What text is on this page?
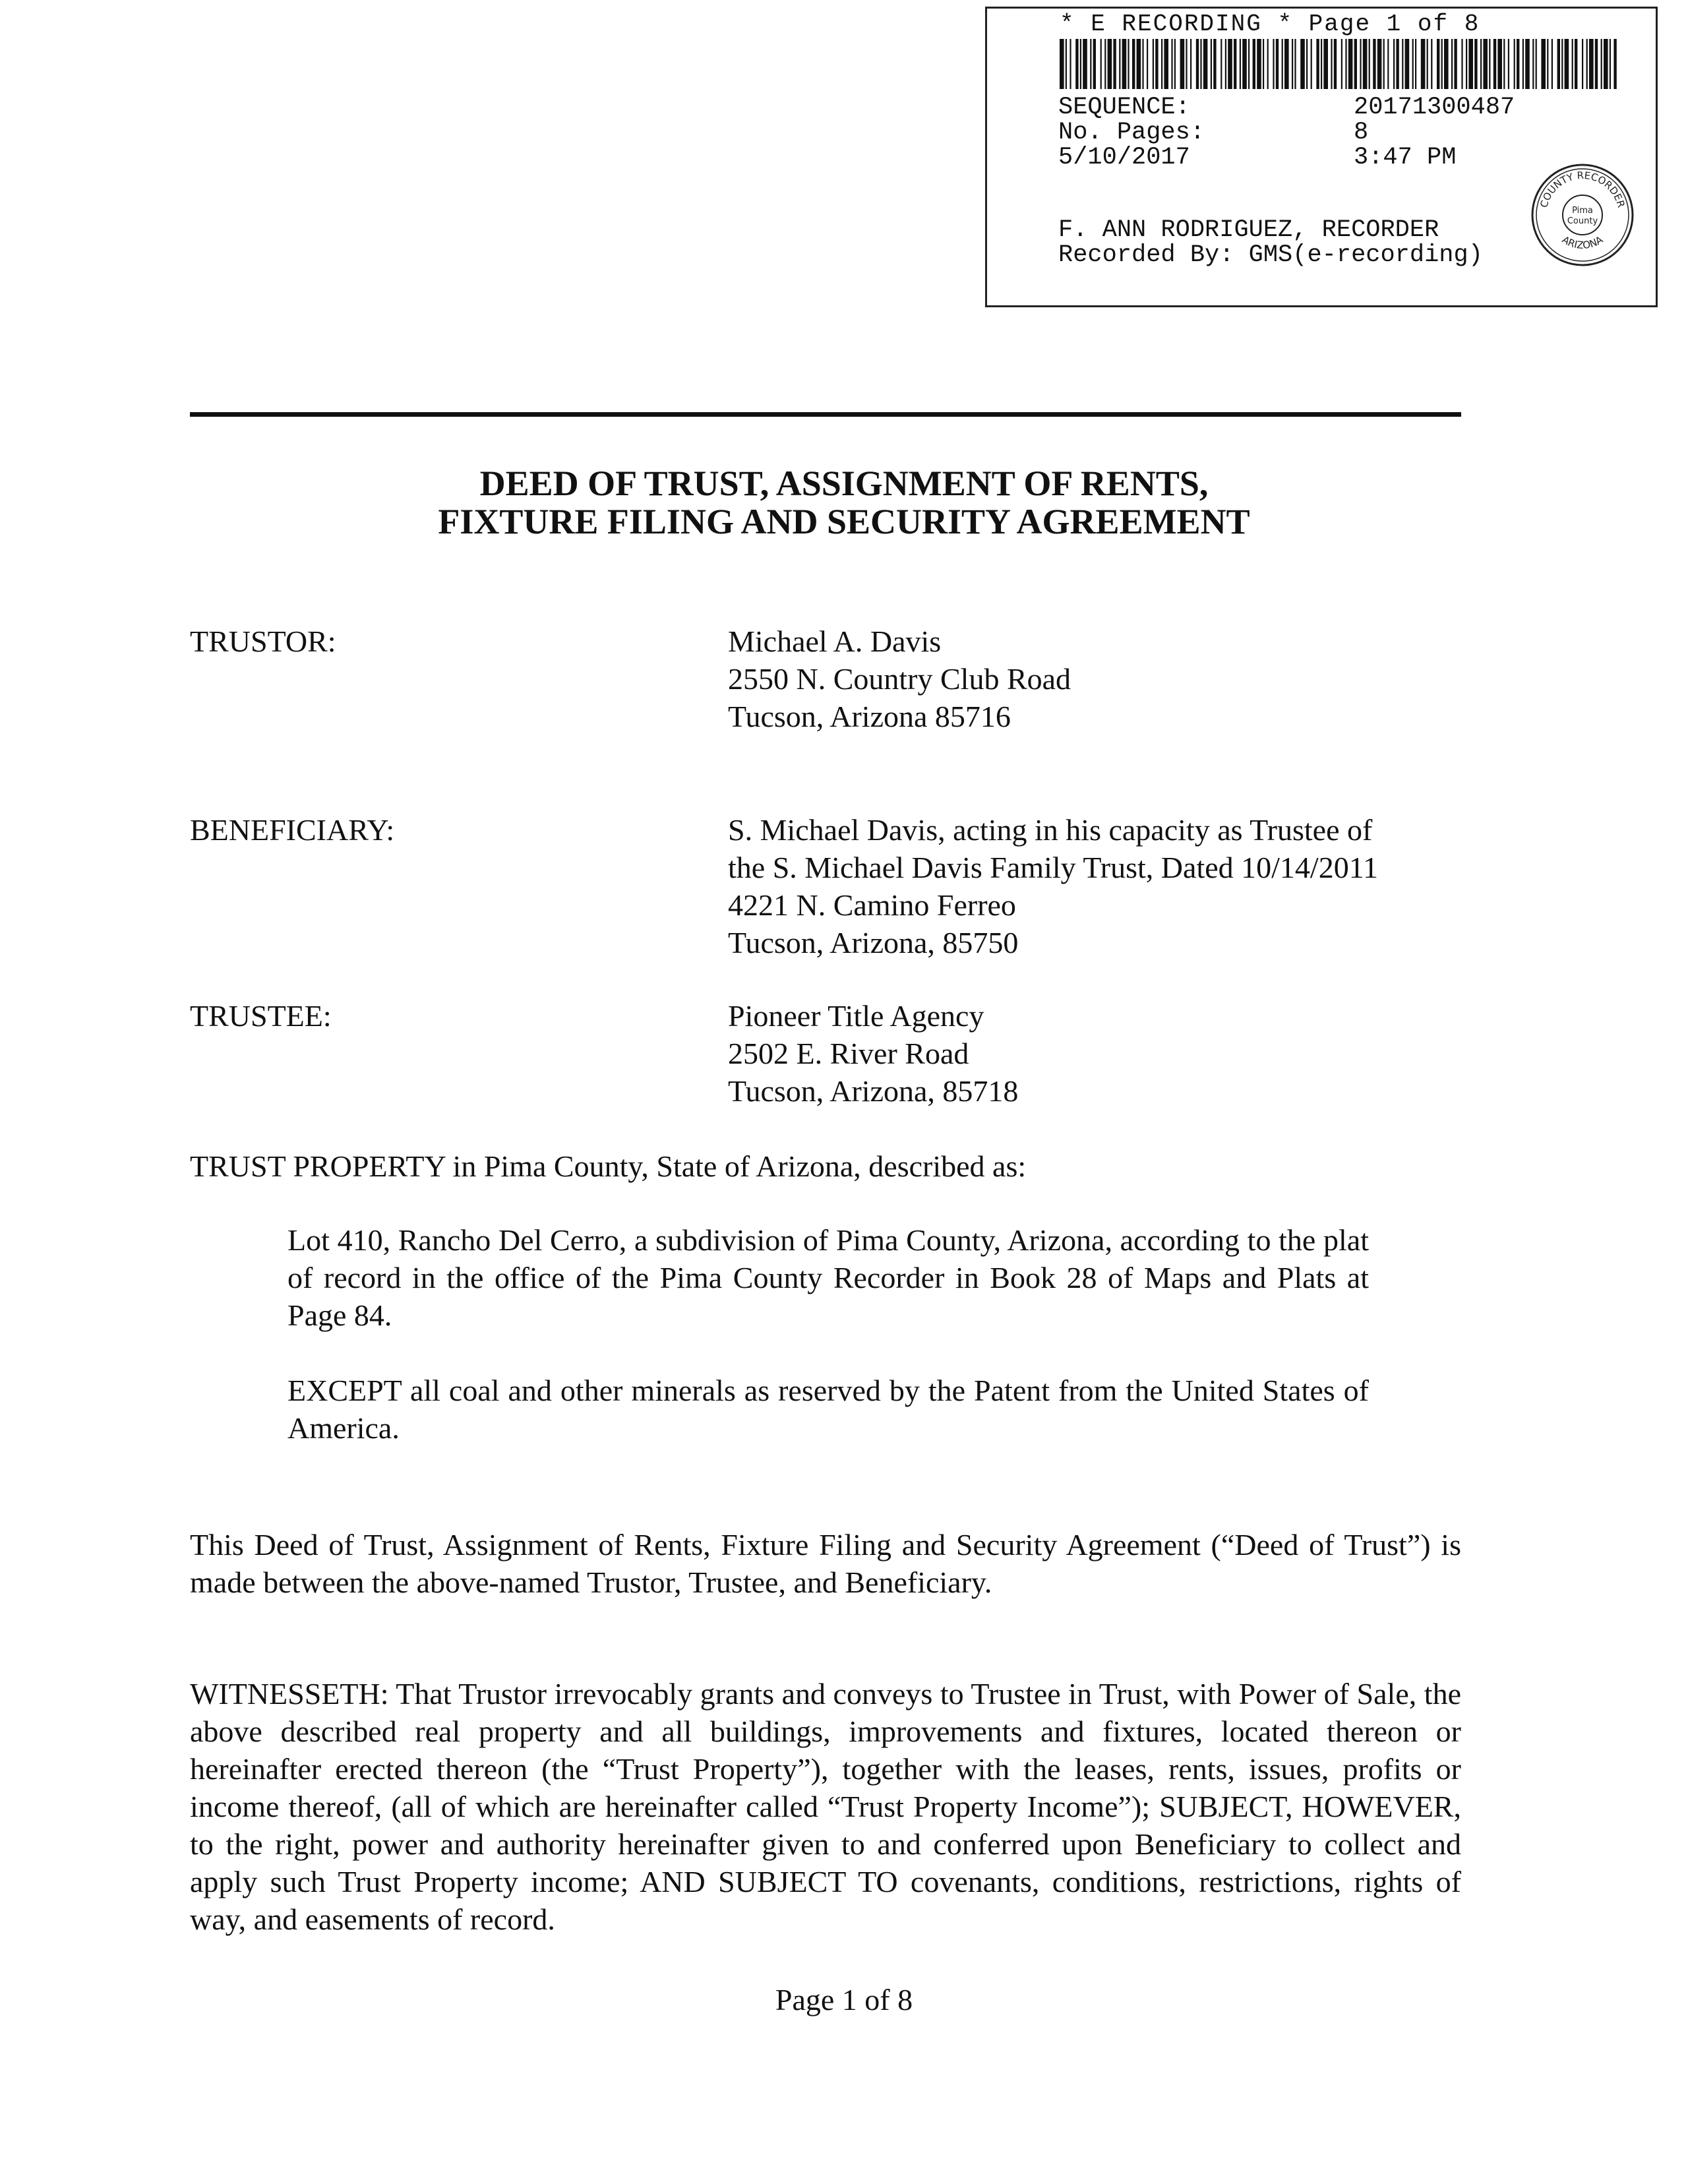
* E RECORDING * Page 1 of 8
SEQUENCE:	20171300487
No. Pages:	8
5/10/2017	3:47 PM
F. ANN RODRIGUEZ, RECORDER
Recorded By: GMS(e-recording)
COUNTY RECORDER
ARIZONA
Pima
County
DEED OF TRUST, ASSIGNMENT OF RENTS,
FIXTURE FILING AND SECURITY AGREEMENT
TRUSTOR:	Michael A. Davis
2550 N. Country Club Road
Tucson, Arizona 85716
BENEFICIARY:	S. Michael Davis, acting in his capacity as Trustee of
the S. Michael Davis Family Trust, Dated 10/14/2011
4221 N. Camino Ferreo
Tucson, Arizona, 85750
TRUSTEE:	Pioneer Title Agency
2502 E. River Road
Tucson, Arizona, 85718

TRUST PROPERTY in Pima County, State of Arizona, described as:

Lot 410, Rancho Del Cerro, a subdivision of Pima County, Arizona, according to the plat of record in the office of the Pima County Recorder in Book 28 of Maps and Plats at Page 84.

EXCEPT all coal and other minerals as reserved by the Patent from the United States of America.

This Deed of Trust, Assignment of Rents, Fixture Filing and Security Agreement (“Deed of Trust”) is made between the above-named Trustor, Trustee, and Beneficiary.

WITNESSETH: That Trustor irrevocably grants and conveys to Trustee in Trust, with Power of Sale, the above described real property and all buildings, improvements and fixtures, located thereon or hereinafter erected thereon (the “Trust Property”), together with the leases, rents, issues, profits or income thereof, (all of which are hereinafter called “Trust Property Income”); SUBJECT, HOWEVER, to the right, power and authority hereinafter given to and conferred upon Beneficiary to collect and apply such Trust Property income; AND SUBJECT TO covenants, conditions, restrictions, rights of way, and easements of record.

Page 1 of 8
